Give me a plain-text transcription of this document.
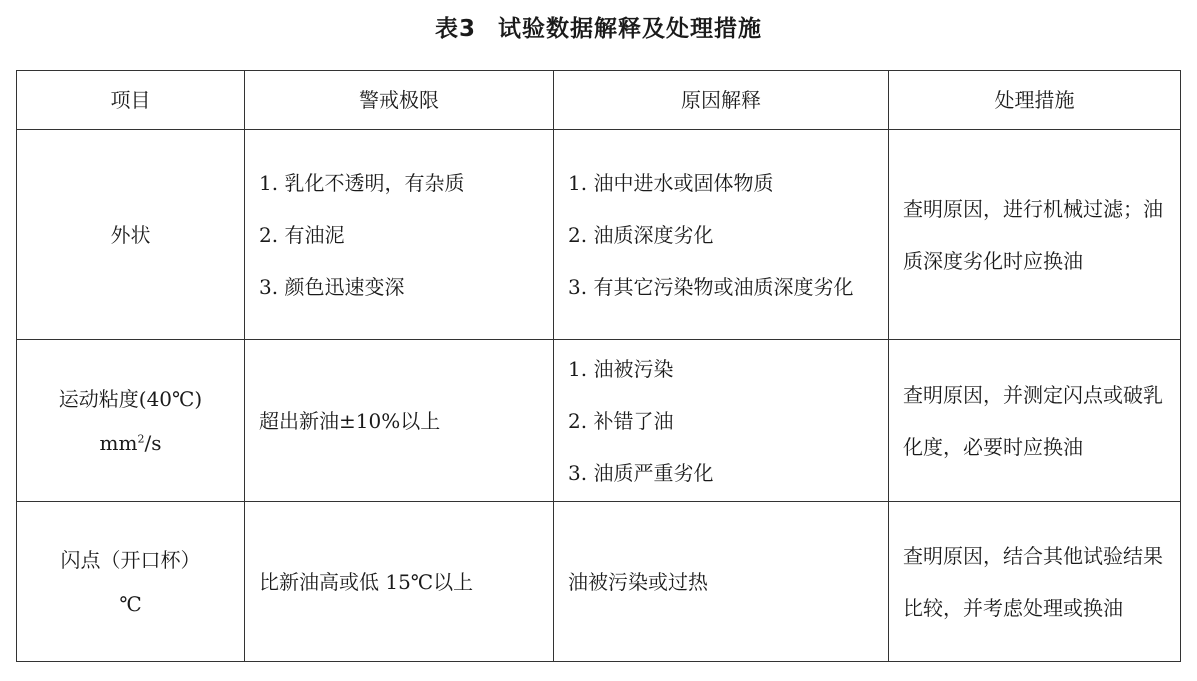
表3 试验数据解释及处理措施
项目	警戒极限	原因解释	处理措施

外状	1. 乳化不透明，有杂质
2. 有油泥
3. 颜色迅速变深	1. 油中进水或固体物质
2. 油质深度劣化
3. 有其它污染物或油质深度劣化	查明原因，进行机械过滤；油质深度劣化时应换油

运动粘度(40℃)
$mm^2/s$	超出新油±10%以上	1. 油被污染
2. 补错了油
3. 油质严重劣化	查明原因，并测定闪点或破乳化度，必要时应换油

闪点（开口杯）
℃	比新油高或低 15℃以上	油被污染或过热	查明原因，结合其他试验结果比较，并考虑处理或换油
